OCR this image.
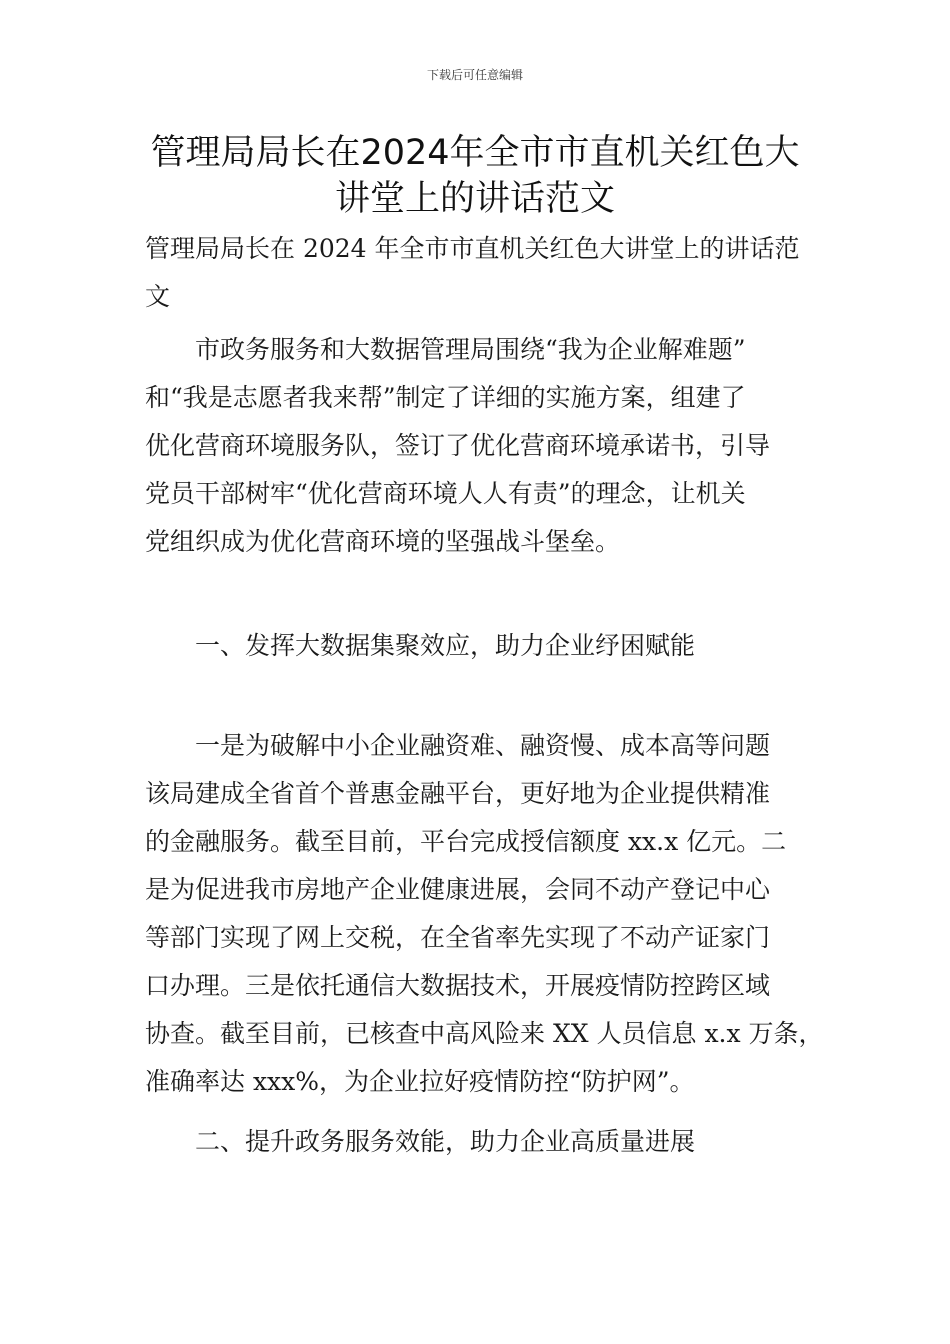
下载后可任意编辑
管理局局长在2024年全市市直机关红色大
讲堂上的讲话范文
管理局局长在 2024 年全市市直机关红色大讲堂上的讲话范
文
　　市政务服务和大数据管理局围绕“我为企业解难题”
和“我是志愿者我来帮”制定了详细的实施方案，组建了
优化营商环境服务队，签订了优化营商环境承诺书，引导
党员干部树牢“优化营商环境人人有责”的理念，让机关
党组织成为优化营商环境的坚强战斗堡垒。
　　一、发挥大数据集聚效应，助力企业纾困赋能
　　一是为破解中小企业融资难、融资慢、成本高等问题
该局建成全省首个普惠金融平台，更好地为企业提供精准
的金融服务。截至目前，平台完成授信额度 xx.x 亿元。二
是为促进我市房地产企业健康进展，会同不动产登记中心
等部门实现了网上交税，在全省率先实现了不动产证家门
口办理。三是依托通信大数据技术，开展疫情防控跨区域
协查。截至目前，已核查中高风险来 XX 人员信息 x.x 万条，
准确率达 xxx%，为企业拉好疫情防控“防护网”。
　　二、提升政务服务效能，助力企业高质量进展
